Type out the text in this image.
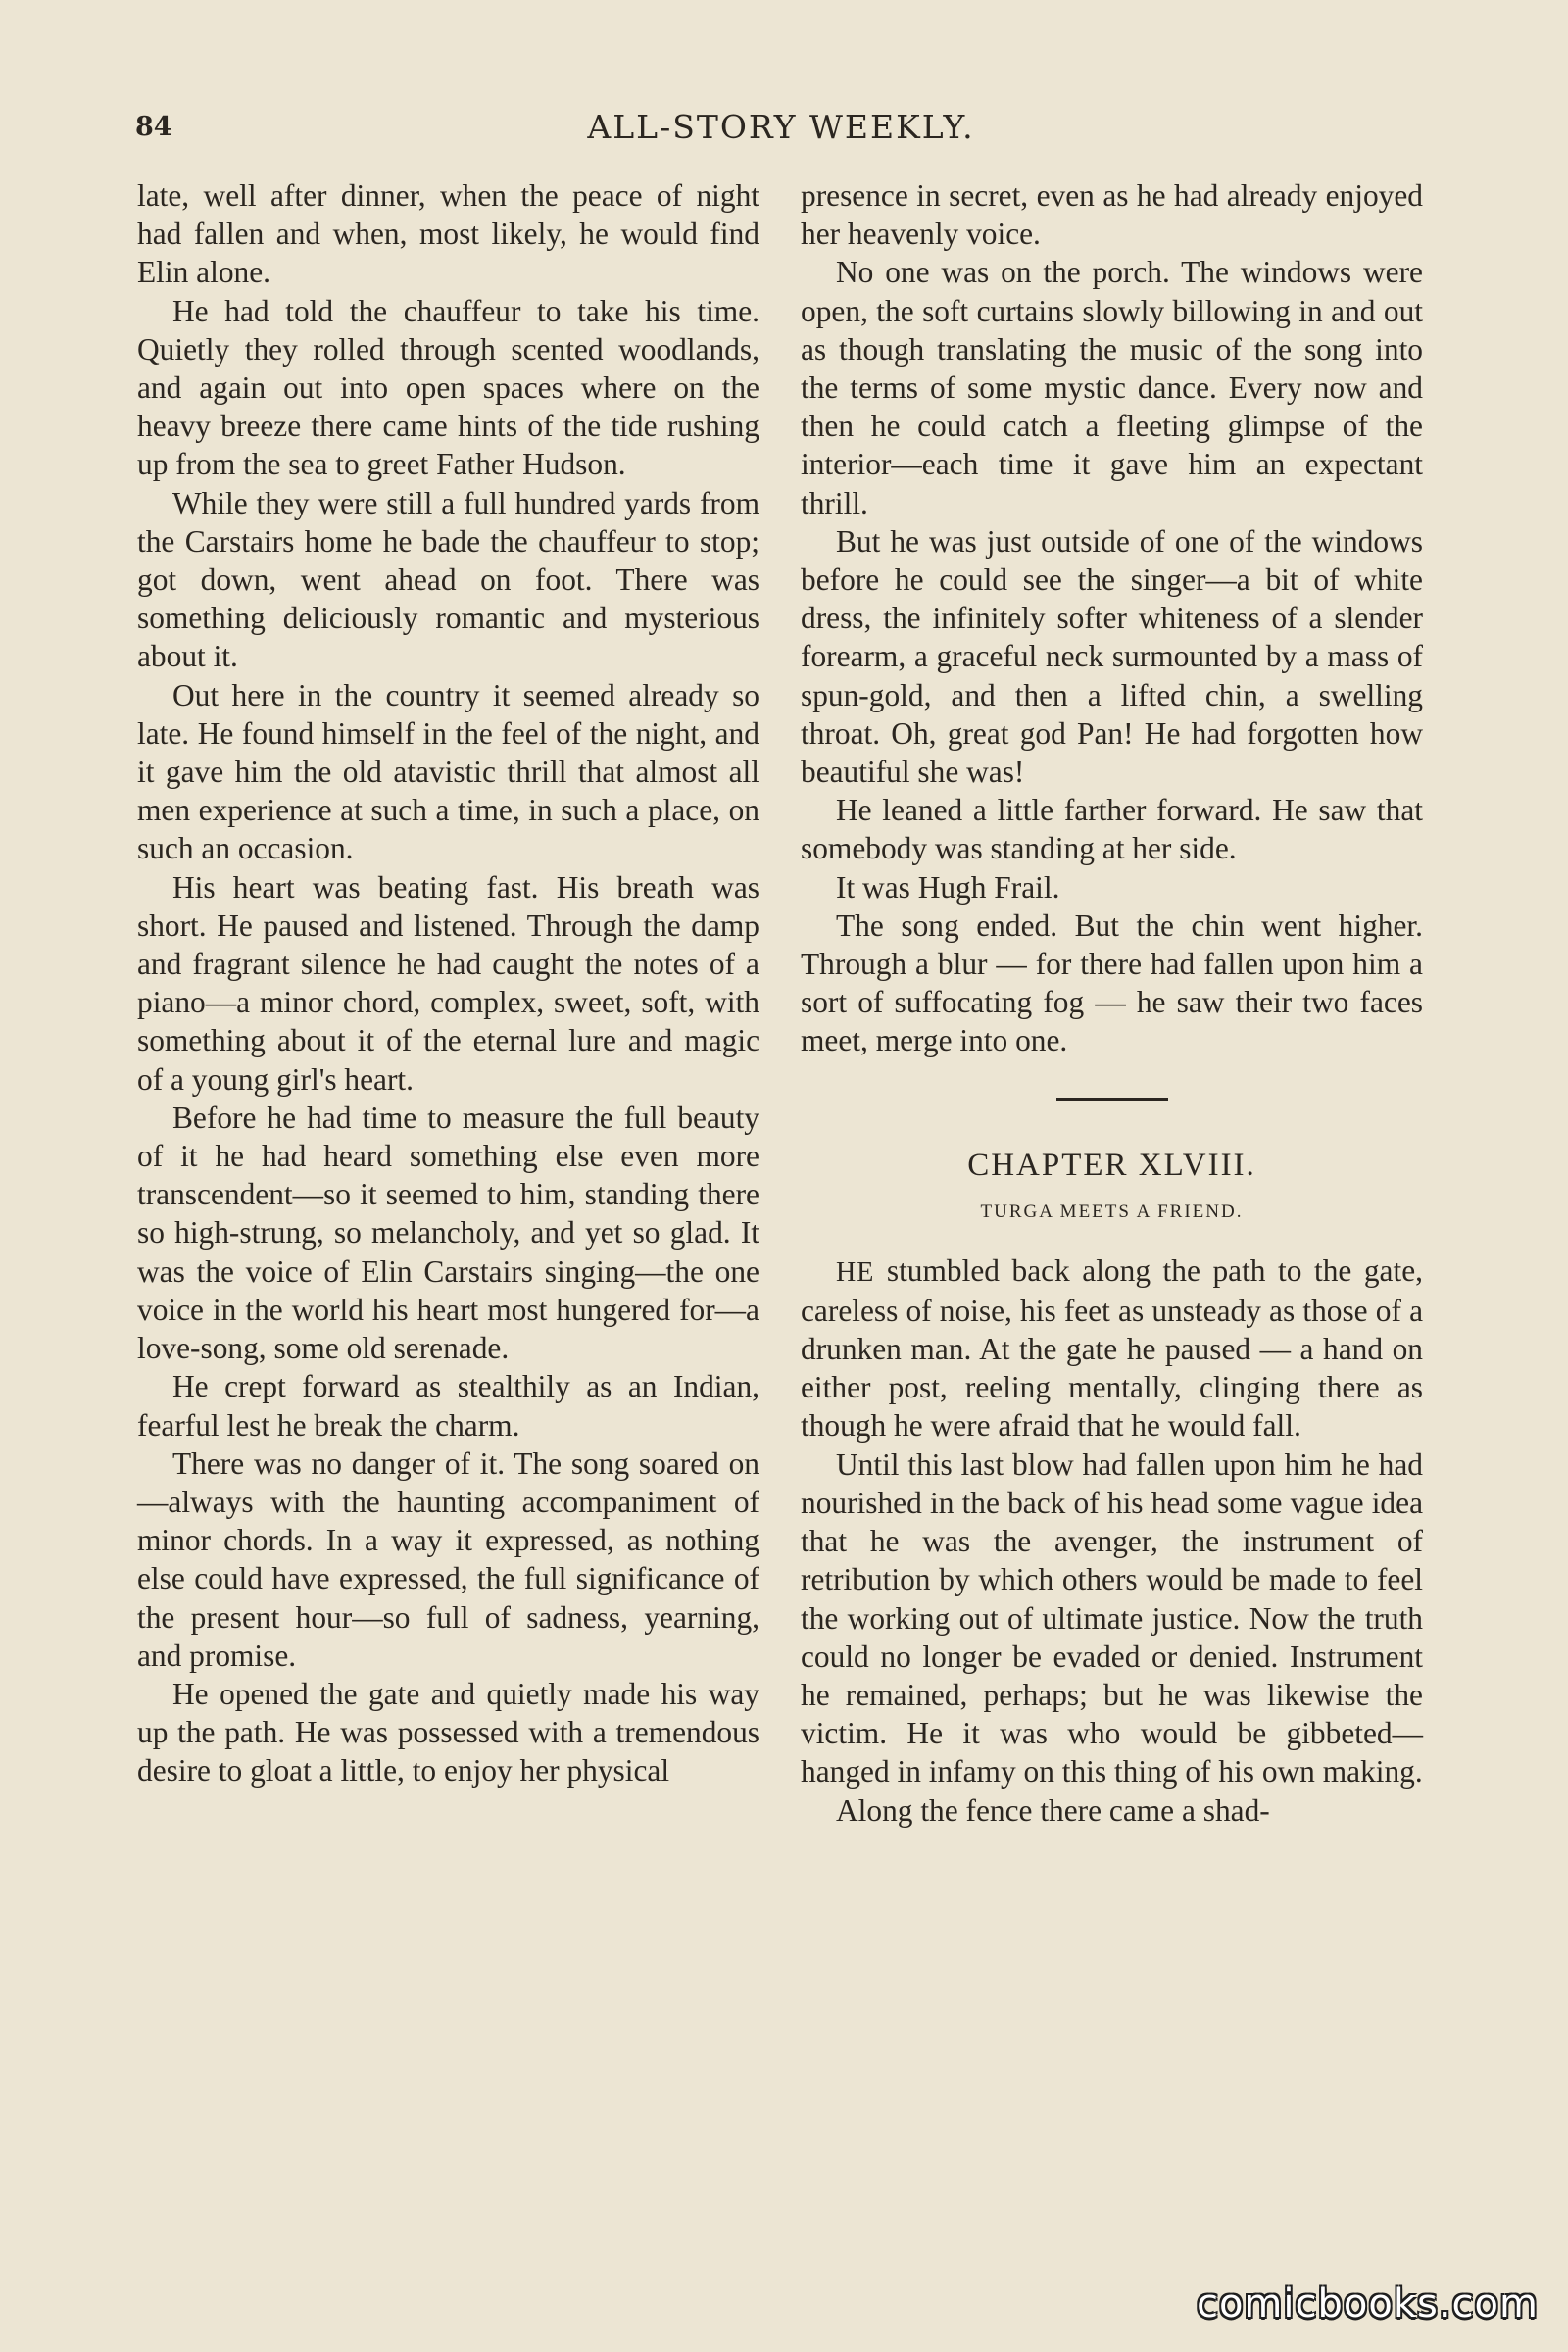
84	ALL-STORY WEEKLY.

late, well after dinner, when the peace of night had fallen and when, most likely, he would find Elin alone.

He had told the chauffeur to take his time. Quietly they rolled through scented woodlands, and again out into open spaces where on the heavy breeze there came hints of the tide rushing up from the sea to greet Father Hudson.

While they were still a full hundred yards from the Carstairs home he bade the chauffeur to stop; got down, went ahead on foot. There was something deliciously romantic and mysterious about it.

Out here in the country it seemed already so late. He found himself in the feel of the night, and it gave him the old atavistic thrill that almost all men experience at such a time, in such a place, on such an occasion.

His heart was beating fast. His breath was short. He paused and listened. Through the damp and fragrant silence he had caught the notes of a piano—a minor chord, complex, sweet, soft, with something about it of the eternal lure and magic of a young girl's heart.

Before he had time to measure the full beauty of it he had heard something else even more transcendent—so it seemed to him, standing there so high-strung, so melancholy, and yet so glad. It was the voice of Elin Carstairs singing—the one voice in the world his heart most hungered for—a love-song, some old serenade.

He crept forward as stealthily as an Indian, fearful lest he break the charm.

There was no danger of it. The song soared on—always with the haunting accompaniment of minor chords. In a way it expressed, as nothing else could have expressed, the full significance of the present hour—so full of sadness, yearning, and promise.

He opened the gate and quietly made his way up the path. He was possessed with a tremendous desire to gloat a little, to enjoy her physical

presence in secret, even as he had already enjoyed her heavenly voice.

No one was on the porch. The windows were open, the soft curtains slowly billowing in and out as though translating the music of the song into the terms of some mystic dance. Every now and then he could catch a fleeting glimpse of the interior—each time it gave him an expectant thrill.

But he was just outside of one of the windows before he could see the singer—a bit of white dress, the infinitely softer whiteness of a slender forearm, a graceful neck surmounted by a mass of spun-gold, and then a lifted chin, a swelling throat. Oh, great god Pan! He had forgotten how beautiful she was!

He leaned a little farther forward. He saw that somebody was standing at her side.

It was Hugh Frail.

The song ended. But the chin went higher. Through a blur — for there had fallen upon him a sort of suffocating fog — he saw their two faces meet, merge into one.

CHAPTER XLVIII.
TURGA MEETS A FRIEND.

HE stumbled back along the path to the gate, careless of noise, his feet as unsteady as those of a drunken man. At the gate he paused — a hand on either post, reeling mentally, clinging there as though he were afraid that he would fall.

Until this last blow had fallen upon him he had nourished in the back of his head some vague idea that he was the avenger, the instrument of retribution by which others would be made to feel the working out of ultimate justice. Now the truth could no longer be evaded or denied. Instrument he remained, perhaps; but he was likewise the victim. He it was who would be gibbeted—hanged in infamy on this thing of his own making.

Along the fence there came a shad-

comicbooks.com
